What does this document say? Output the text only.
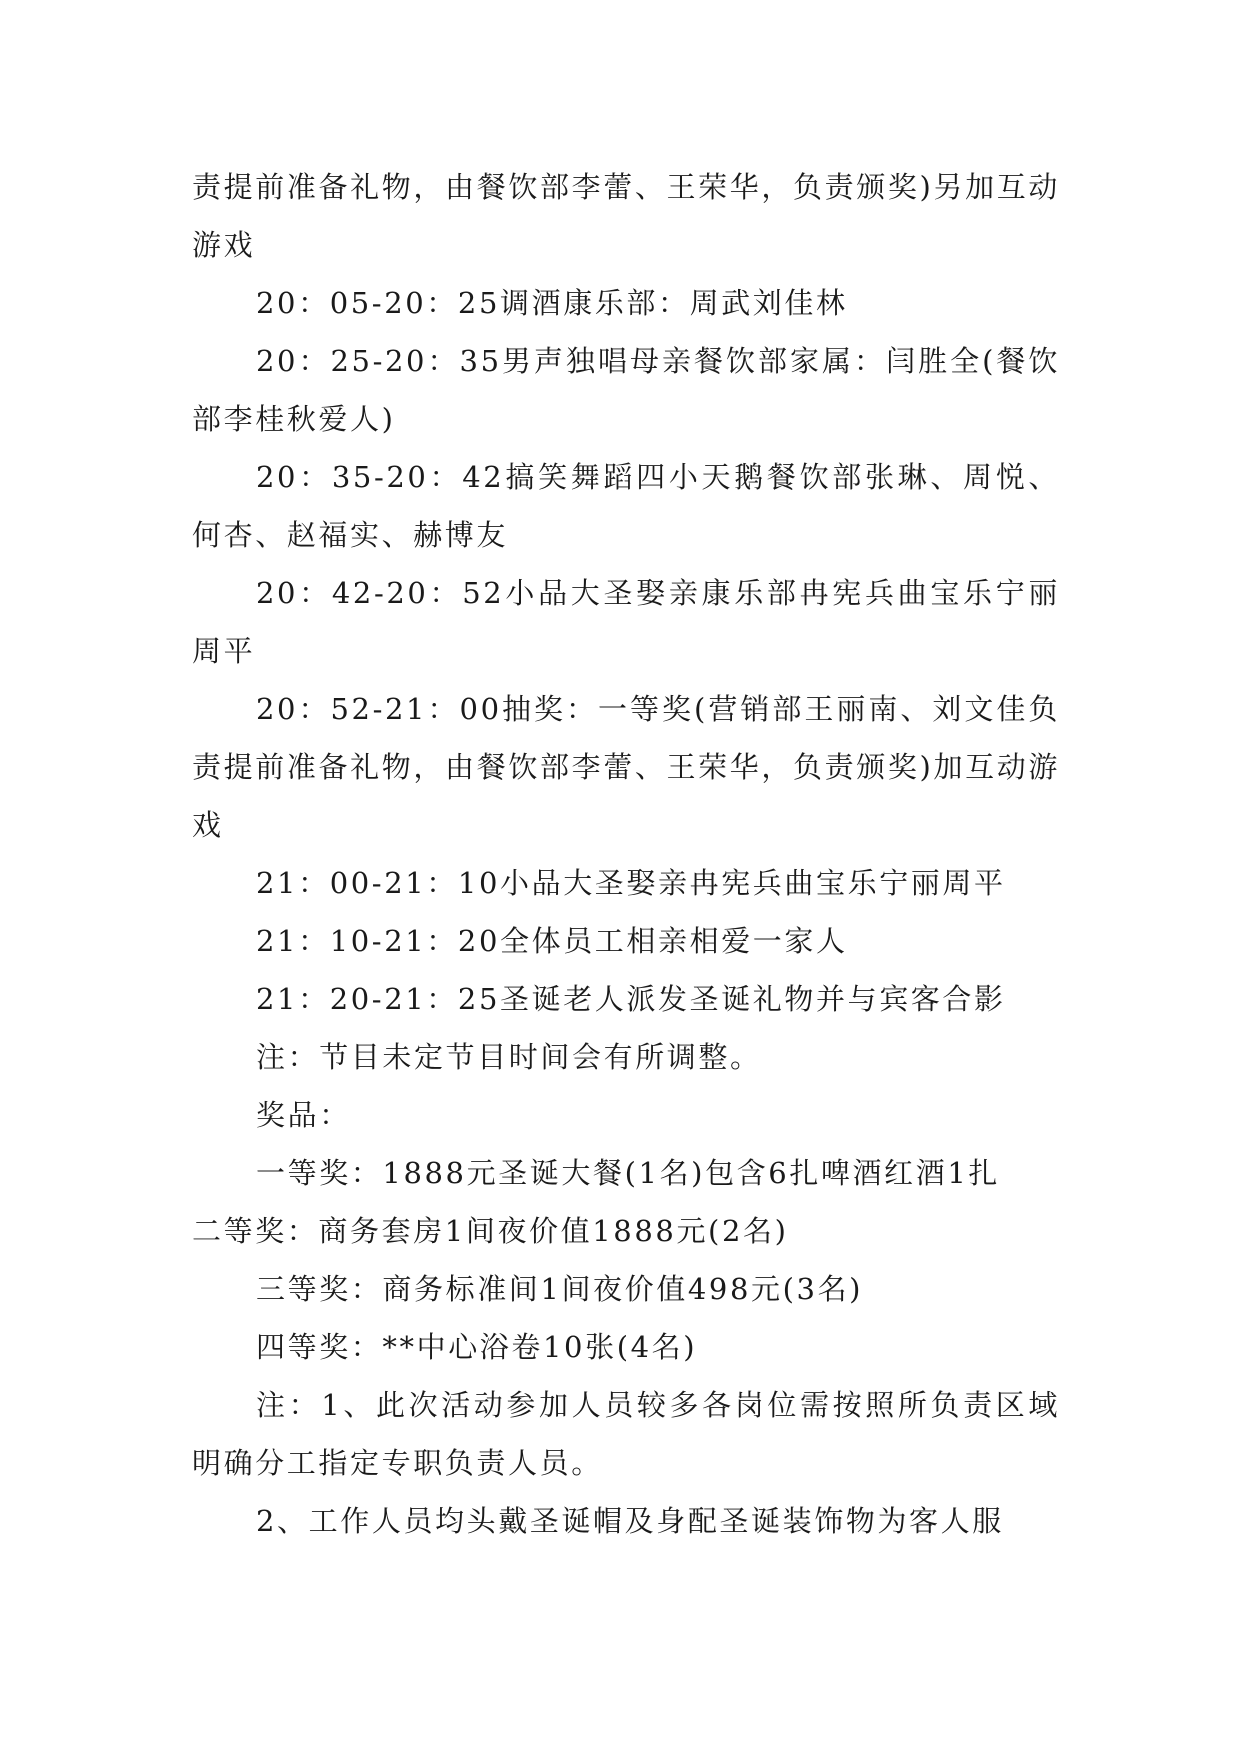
责提前准备礼物，由餐饮部李蕾、王荣华，负责颁奖)另加互动游戏

20：05-20：25调酒康乐部：周武刘佳林

20：25-20：35男声独唱母亲餐饮部家属：闫胜全(餐饮部李桂秋爱人)

20：35-20：42搞笑舞蹈四小天鹅餐饮部张琳、周悦、何杏、赵福实、赫博友

20：42-20：52小品大圣娶亲康乐部冉宪兵曲宝乐宁丽周平

20：52-21：00抽奖：一等奖(营销部王丽南、刘文佳负责提前准备礼物，由餐饮部李蕾、王荣华，负责颁奖)加互动游戏

21：00-21：10小品大圣娶亲冉宪兵曲宝乐宁丽周平

21：10-21：20全体员工相亲相爱一家人

21：20-21：25圣诞老人派发圣诞礼物并与宾客合影

注：节目未定节目时间会有所调整。

奖品：

一等奖：1888元圣诞大餐(1名)包含6扎啤酒红酒1扎

二等奖：商务套房1间夜价值1888元(2名)

三等奖：商务标准间1间夜价值498元(3名)

四等奖：**中心浴卷10张(4名)

注：1、此次活动参加人员较多各岗位需按照所负责区域明确分工指定专职负责人员。

2、工作人员均头戴圣诞帽及身配圣诞装饰物为客人服
